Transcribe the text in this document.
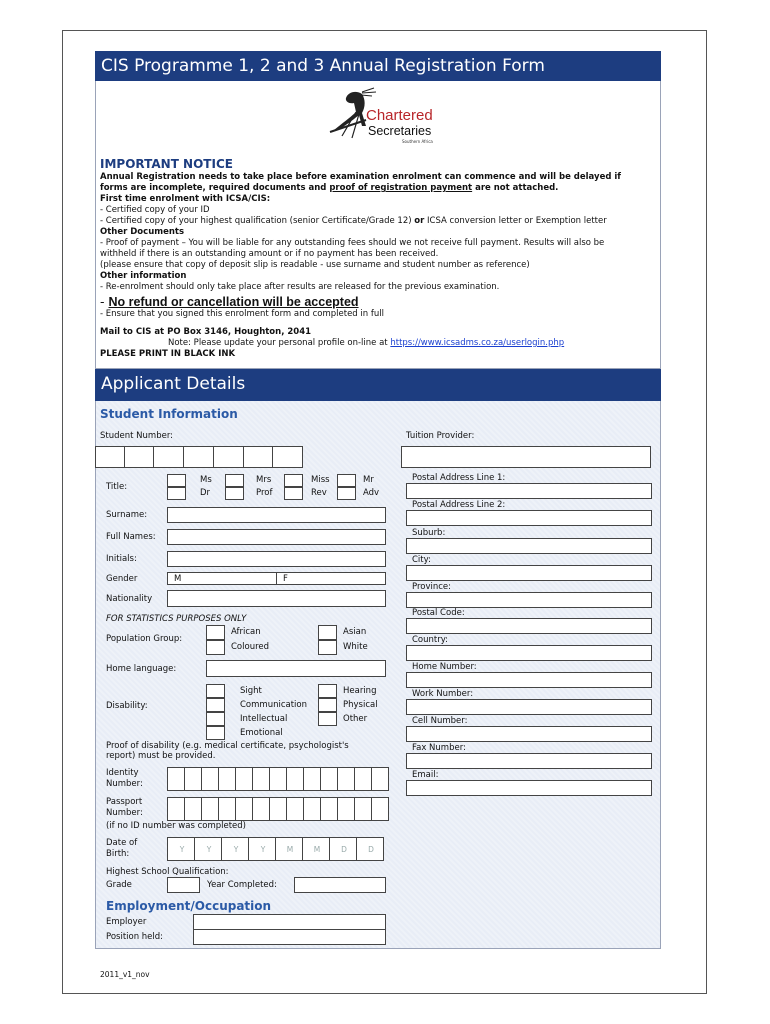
CIS Programme 1, 2 and 3 Annual Registration Form
Chartered
Secretaries
Southern Africa
IMPORTANT NOTICE
Annual Registration needs to take place before examination enrolment can commence and will be delayed if
forms are incomplete, required documents and proof of registration payment are not attached.
First time enrolment with ICSA/CIS:
- Certified copy of your ID
- Certified copy of your highest qualification (senior Certificate/Grade 12) or ICSA conversion letter or Exemption letter
Other Documents
- Proof of payment – You will be liable for any outstanding fees should we not receive full payment. Results will also be
withheld if there is an outstanding amount or if no payment has been received.
(please ensure that copy of deposit slip is readable - use surname and student number as reference)
Other information
- Re-enrolment should only take place after results are released for the previous examination.
- No refund or cancellation will be accepted
- Ensure that you signed this enrolment form and completed in full
Mail to CIS at PO Box 3146, Houghton, 2041
Note: Please update your personal profile on-line at https://www.icsadms.co.za/userlogin.php
PLEASE PRINT IN BLACK INK
Applicant Details
Student Information
Student Number:	Tuition Provider:
Title:
Ms	Mrs	Miss	Mr
Dr	Prof	Rev	Adv
Surname:
Full Names:
Initials:
Gender	M	F
Nationality
FOR STATISTICS PURPOSES ONLY
Population Group:
African	Asian
Coloured	White
Home language:
Disability:
Sight	Hearing
Communication	Physical
Intellectual	Other
Emotional
Proof of disability (e.g. medical certificate, psychologist's
report) must be provided.
Identity
Number:
Passport
Number:
(if no ID number was completed)
Date of
Birth:	Y	Y	Y	Y	M	M	D	D
Highest School Qualification:
Grade	Year Completed:
Employment/Occupation
Employer
Position held:
Postal Address Line 1:
Postal Address Line 2:
Suburb:
City:
Province:
Postal Code:
Country:
Home Number:
Work Number:
Cell Number:
Fax Number:
Email:
2011_v1_nov
